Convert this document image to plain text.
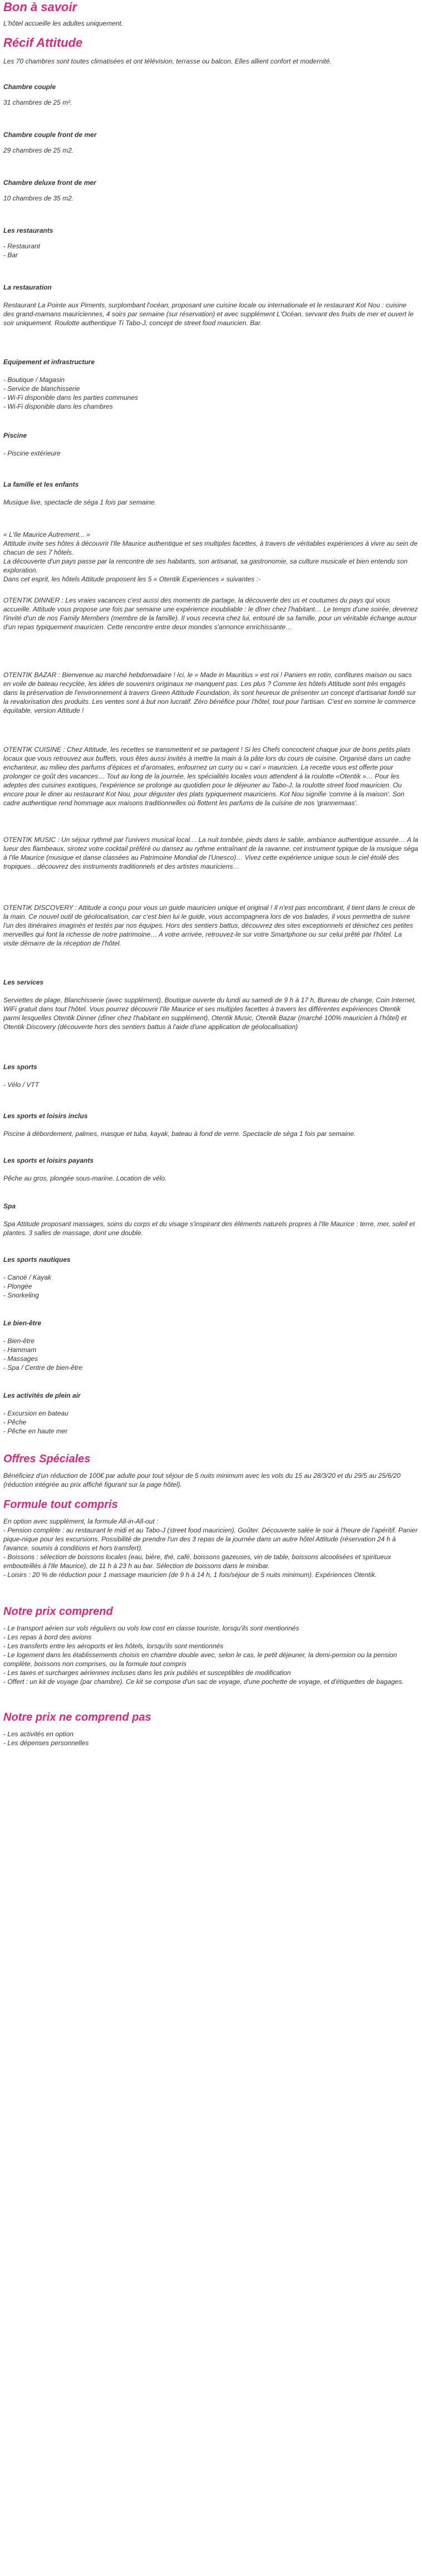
Bon à savoir

L'hôtel accueille les adultes uniquement.

Récif Attitude

Les 70 chambres sont toutes climatisées et ont télévision, terrasse ou balcon. Elles allient confort et modernité.

Chambre couple

31 chambres de 25 m².

Chambre couple front de mer

29 chambres de 25 m2.

Chambre deluxe front de mer

10 chambres de 35 m2.

Les restaurants

- Restaurant

- Bar

La restauration

Restaurant La Pointe aux Piments, surplombant l'océan, proposant une cuisine locale ou internationale et le restaurant Kot Nou : cuisine des grand-mamans mauriciennes, 4 soirs par semaine (sur réservation) et avec supplément L'Océan, servant des fruits de mer et ouvert le soir uniquement. Roulotte authentique Ti Tabo-J, concept de street food mauricien. Bar.

Equipement et infrastructure

- Boutique / Magasin

- Service de blanchisserie

- Wi-Fi disponible dans les parties communes

- Wi-Fi disponible dans les chambres

Piscine

- Piscine extérieure

La famille et les enfants

Musique live, spectacle de séga 1 fois par semaine.

« L'Ile Maurice Autrement... »

Attitude invite ses hôtes à découvrir l'Ile Maurice authentique et ses multiples facettes, à travers de véritables expériences à vivre au sein de chacun de ses 7 hôtels.

La découverte d'un pays passe par la rencontre de ses habitants, son artisanat, sa gastronomie, sa culture musicale et bien entendu son exploration.

Dans cet esprit, les hôtels Attitude proposent les 5 « Otentik Experiences » suivantes :-

OTENTIK DINNER : Les vraies vacances c'est aussi des moments de partage, la découverte des us et coutumes du pays qui vous accueille. Attitude vous propose une fois par semaine une expérience inoubliable : le dîner chez l'habitant… Le temps d'une soirée, devenez l'invité d'un de nos Family Members (membre de la famille). Il vous recevra chez lui, entouré de sa famille, pour un véritable échange autour d'un repas typiquement mauricien. Cette rencontre entre deux mondes s'annonce enrichissante…

OTENTIK BAZAR : Bienvenue au marché hebdomadaire ! Ici, le « Made in Mauritius » est roi ! Paniers en rotin, confitures maison ou sacs en voile de bateau recyclée, les idées de souvenirs originaux ne manquent pas. Les plus ? Comme les hôtels Attitude sont très engagés dans la préservation de l'environnement à travers Green Attitude Foundation, ils sont heureux de présenter un concept d'artisanat fondé sur la revalorisation des produits. Les ventes sont à but non lucratif. Zéro bénéfice pour l'hôtel, tout pour l'artisan. C'est en somme le commerce équitable, version Attitude !

OTENTIK CUISINE : Chez Attitude, les recettes se transmettent et se partagent ! Si les Chefs concoctent chaque jour de bons petits plats locaux que vous retrouvez aux buffets, vous êtes aussi invités à mettre la main à la pâte lors du cours de cuisine. Organisé dans un cadre enchanteur, au milieu des parfums d'épices et d'aromates, enfournez un curry ou « cari » mauricien. La recette vous est offerte pour prolonger ce goût des vacances… Tout au long de la journée, les spécialités locales vous attendent à la roulotte «Otentik »… Pour les adeptes des cuisines exotiques, l'expérience se prolonge au quotidien pour le déjeuner au Tabo-J, la roulotte street food mauricien. Ou encore pour le diner au restaurant Kot Nou, pour déguster des plats typiquement mauriciens. Kot Nou signifie 'comme à la maison'. Son cadre authentique rend hommage aux maisons traditionnelles où flottent les parfums de la cuisine de nos 'grannemaas'.

OTENTIK MUSIC : Un séjour rythmé par l'univers musical local… La nuit tombée, pieds dans le sable, ambiance authentique assurée… A la lueur des flambeaux, sirotez votre cocktail préféré ou dansez au rythme entraînant de la ravanne, cet instrument typique de la musique séga à l'Ile Maurice (musique et danse classées au Patrimoine Mondial de l'Unesco)… Vivez cette expérience unique sous le ciel étoilé des tropiques…découvrez des instruments traditionnels et des artistes mauriciens…

OTENTIK DISCOVERY : Attitude a conçu pour vous un guide mauricien unique et original ! Il n'est pas encombrant, il tient dans le creux de la main. Ce nouvel outil de géolocalisation, car c'est bien lui le guide, vous accompagnera lors de vos balades, il vous permettra de suivre l'un des itinéraires imaginés et testés par nos équipes. Hors des sentiers battus, découvrez des sites exceptionnels et dénichez ces petites merveilles qui font la richesse de notre patrimoine… A votre arrivée, retrouvez-le sur votre Smartphone ou sur celui prêté par l'hôtel. La visite démarre de la réception de l'hôtel.

Les services

Serviettes de plage, Blanchisserie (avec supplément), Boutique ouverte du lundi au samedi de 9 h à 17 h, Bureau de change, Coin Internet, WiFi gratuit dans tout l'hôtel. Vous pourrez découvrir l'Ile Maurice et ses multiples facettes à travers les différentes expériences Otentik parmi lesquelles Otentik Dinner (dîner chez l'habitant en supplément), Otentik Music, Otentik Bazar (marché 100% mauricien à l'hôtel) et Otentik Discovery (découverte hors des sentiers battus à l'aide d'une application de géolocalisation)

Les sports

- Vélo / VTT

Les sports et loisirs inclus

Piscine à débordement, palmes, masque et tuba, kayak, bateau à fond de verre. Spectacle de séga 1 fois par semaine.

Les sports et loisirs payants

Pêche au gros, plongée sous-marine. Location de vélo.

Spa

Spa Attitude proposant massages, soins du corps et du visage s'inspirant des éléments naturels propres à l'Ile Maurice : terre, mer, soleil et plantes. 3 salles de massage, dont une double.

Les sports nautiques

- Canoë / Kayak

- Plongée

- Snorkeling

Le bien-être

- Bien-être

- Hammam

- Massages

- Spa / Centre de bien-être

Les activités de plein air

- Excursion en bateau

- Pêche

- Pêche en haute mer

Offres Spéciales

Bénéficiez d'un réduction de 100€ par adulte pour tout séjour de 5 nuits minimum avec les vols du 15 au 28/3/20 et du 29/5 au 25/6/20 (réduction intégrée au prix affiché figurant sur la page hôtel).

Formule tout compris

En option avec supplément, la formule All-in-All-out :

- Pension complète : au restaurant le midi et au Tabo-J (street food mauricien). Goûter. Découverte salée le soir à l'heure de l'apéritif. Panier pique-nique pour les excursions. Possibilité de prendre l'un des 3 repas de la journée dans un autre hôtel Attitude (réservation 24 h à l'avance, soumis à conditions et hors transfert).

- Boissons : sélection de boissons locales (eau, bière, thé, café, boissons gazeuses, vin de table, boissons alcoolisées et spiritueux embouteillés à l'Ile Maurice), de 11 h à 23 h au bar. Sélection de boissons dans le minibar.

- Loisirs : 20 % de réduction pour 1 massage mauricien (de 9 h à 14 h, 1 fois/séjour de 5 nuits minimum). Expériences Otentik.

Notre prix comprend

- Le transport aérien sur vols réguliers ou vols low cost en classe touriste, lorsqu'ils sont mentionnés

- Les repas à bord des avions

- Les transferts entre les aéroports et les hôtels, lorsqu'ils sont mentionnés

- Le logement dans les établissements choisis en chambre double avec, selon le cas, le petit déjeuner, la demi-pension ou la pension complète, boissons non comprises, ou la formule tout compris

- Les taxes et surcharges aériennes incluses dans les prix publiés et susceptibles de modification

- Offert : un kit de voyage (par chambre). Ce kit se compose d'un sac de voyage, d'une pochette de voyage, et d'étiquettes de bagages.

Notre prix ne comprend pas

- Les activités en option

- Les dépenses personnelles
